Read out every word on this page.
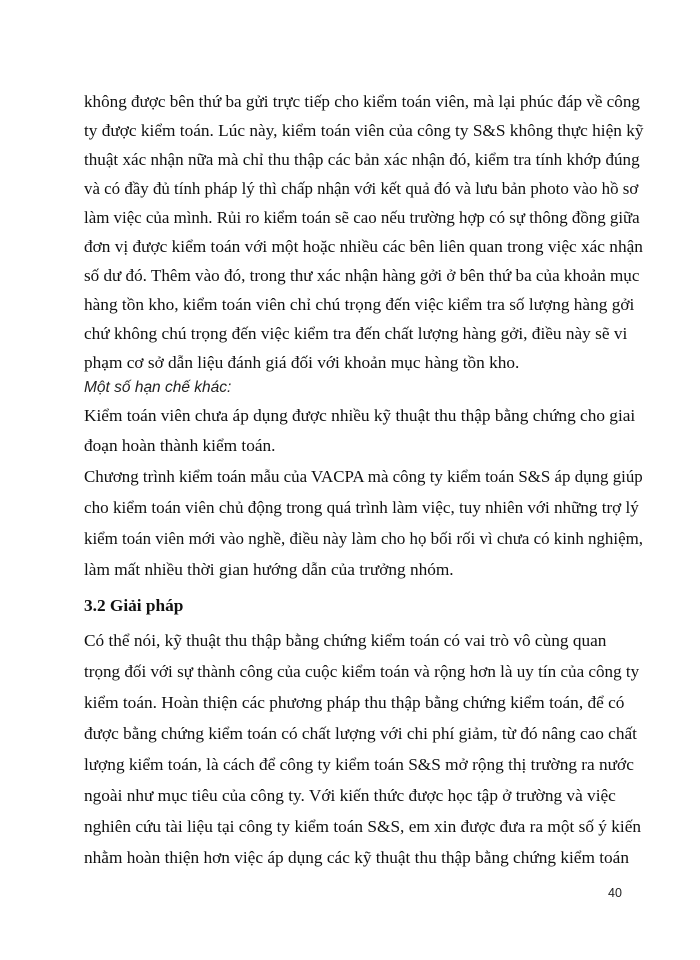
không được bên thứ ba gửi trực tiếp cho kiểm toán viên, mà lại phúc đáp về công
ty được kiểm toán. Lúc này, kiểm toán viên của công ty S&S không thực hiện kỹ
thuật xác nhận nữa mà chỉ thu thập các bản xác nhận đó, kiểm tra tính khớp đúng
và có đầy đủ tính pháp lý thì chấp nhận với kết quả đó và lưu bản photo vào hồ sơ
làm việc của mình. Rủi ro kiểm toán sẽ cao nếu trường hợp có sự thông đồng giữa
đơn vị được kiểm toán với một hoặc nhiều các bên liên quan trong việc xác nhận
số dư đó. Thêm vào đó, trong thư xác nhận hàng gởi ở bên thứ ba của khoản mục
hàng tồn kho, kiểm toán viên chỉ chú trọng đến việc kiểm tra số lượng hàng gởi
chứ không chú trọng đến việc kiểm tra đến chất lượng hàng gởi, điều này sẽ vi
phạm cơ sở dẫn liệu đánh giá đối với khoản mục hàng tồn kho.
Một số hạn chế khác:
Kiểm toán viên chưa áp dụng được nhiều kỹ thuật thu thập bằng chứng cho giai
đoạn hoàn thành kiểm toán.
Chương trình kiểm toán mẫu của VACPA mà công ty kiểm toán S&S áp dụng giúp
cho kiểm toán viên chủ động trong quá trình làm việc, tuy nhiên với những trợ lý
kiểm toán viên mới vào nghề, điều này làm cho họ bối rối vì chưa có kinh nghiệm,
làm mất nhiều thời gian hướng dẫn của trưởng nhóm.
3.2 Giải pháp
Có thể nói, kỹ thuật thu thập bằng chứng kiểm toán có vai trò vô cùng quan
trọng đối với sự thành công của cuộc kiểm toán và rộng hơn là uy tín của công ty
kiểm toán. Hoàn thiện các phương pháp thu thập bằng chứng kiểm toán, để có
được bằng chứng kiểm toán có chất lượng với chi phí giảm, từ đó nâng cao chất
lượng kiểm toán, là cách để công ty kiểm toán S&S mở rộng thị trường ra nước
ngoài như mục tiêu của công ty. Với kiến thức được học tập ở trường và việc
nghiên cứu tài liệu tại công ty kiểm toán S&S, em xin được đưa ra một số ý kiến
nhằm hoàn thiện hơn việc áp dụng các kỹ thuật thu thập bằng chứng kiểm toán
40
